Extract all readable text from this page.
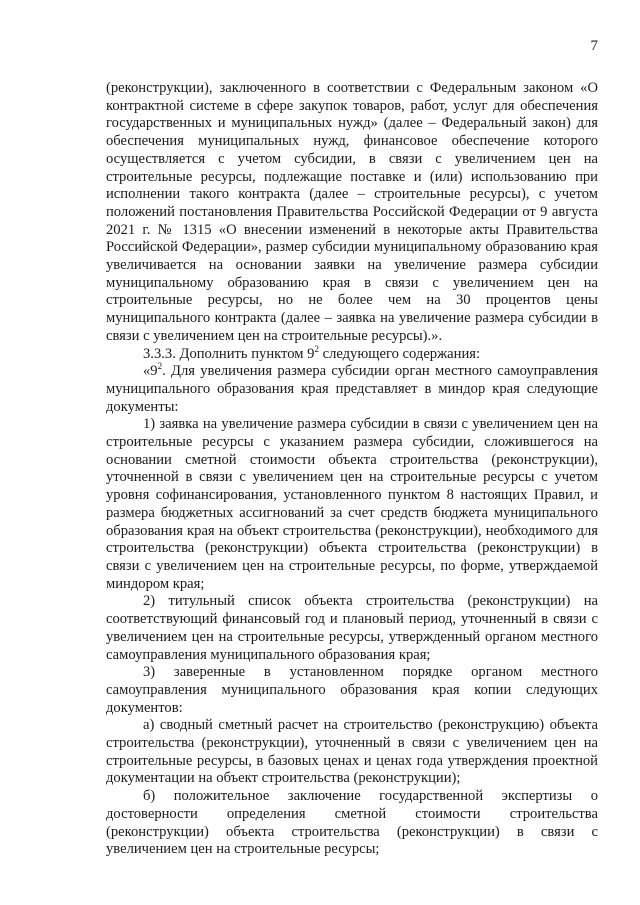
7

(реконструкции), заключенного в соответствии с Федеральным законом «О контрактной системе в сфере закупок товаров, работ, услуг для обеспечения государственных и муниципальных нужд» (далее – Федеральный закон) для обеспечения муниципальных нужд, финансовое обеспечение которого осуществляется с учетом субсидии, в связи с увеличением цен на строительные ресурсы, подлежащие поставке и (или) использованию при исполнении такого контракта (далее – строительные ресурсы), с учетом положений постановления Правительства Российской Федерации от 9 августа 2021 г. № 1315 «О внесении изменений в некоторые акты Правительства Российской Федерации», размер субсидии муниципальному образованию края увеличивается на основании заявки на увеличение размера субсидии муниципальному образованию края в связи с увеличением цен на строительные ресурсы, но не более чем на 30 процентов цены муниципального контракта (далее – заявка на увеличение размера субсидии в связи с увеличением цен на строительные ресурсы).».

3.3.3. Дополнить пунктом $9^2$ следующего содержания:

«$9^2$. Для увеличения размера субсидии орган местного самоуправления муниципального образования края представляет в миндор края следующие документы:

1) заявка на увеличение размера субсидии в связи с увеличением цен на строительные ресурсы с указанием размера субсидии, сложившегося на основании сметной стоимости объекта строительства (реконструкции), уточненной в связи с увеличением цен на строительные ресурсы с учетом уровня софинансирования, установленного пунктом 8 настоящих Правил, и размера бюджетных ассигнований за счет средств бюджета муниципального образования края на объект строительства (реконструкции), необходимого для строительства (реконструкции) объекта строительства (реконструкции) в связи с увеличением цен на строительные ресурсы, по форме, утверждаемой миндором края;

2) титульный список объекта строительства (реконструкции) на соответствующий финансовый год и плановый период, уточненный в связи с увеличением цен на строительные ресурсы, утвержденный органом местного самоуправления муниципального образования края;

3) заверенные в установленном порядке органом местного самоуправления муниципального образования края копии следующих документов:

а) сводный сметный расчет на строительство (реконструкцию) объекта строительства (реконструкции), уточненный в связи с увеличением цен на строительные ресурсы, в базовых ценах и ценах года утверждения проектной документации на объект строительства (реконструкции);

б) положительное заключение государственной экспертизы о достоверности определения сметной стоимости строительства (реконструкции) объекта строительства (реконструкции) в связи с увеличением цен на строительные ресурсы;
